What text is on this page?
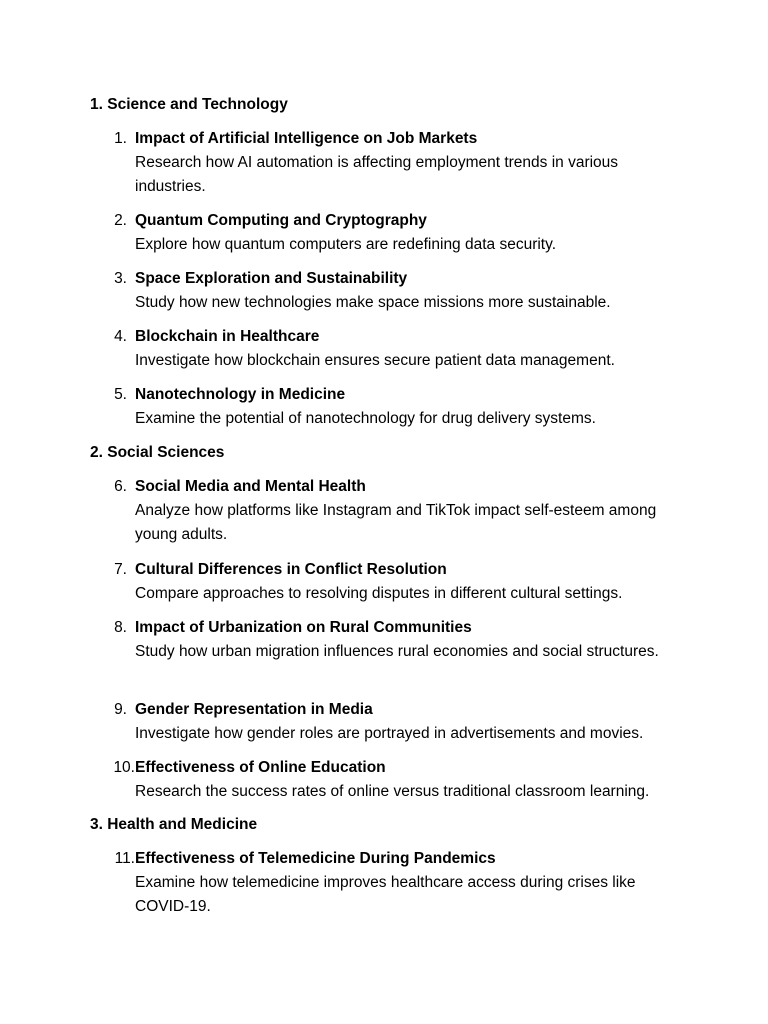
1. Science and Technology
1. Impact of Artificial Intelligence on Job Markets
Research how AI automation is affecting employment trends in various industries.
2. Quantum Computing and Cryptography
Explore how quantum computers are redefining data security.
3. Space Exploration and Sustainability
Study how new technologies make space missions more sustainable.
4. Blockchain in Healthcare
Investigate how blockchain ensures secure patient data management.
5. Nanotechnology in Medicine
Examine the potential of nanotechnology for drug delivery systems.
2. Social Sciences
6. Social Media and Mental Health
Analyze how platforms like Instagram and TikTok impact self-esteem among young adults.
7. Cultural Differences in Conflict Resolution
Compare approaches to resolving disputes in different cultural settings.
8. Impact of Urbanization on Rural Communities
Study how urban migration influences rural economies and social structures.
9. Gender Representation in Media
Investigate how gender roles are portrayed in advertisements and movies.
10. Effectiveness of Online Education
Research the success rates of online versus traditional classroom learning.
3. Health and Medicine
11. Effectiveness of Telemedicine During Pandemics
Examine how telemedicine improves healthcare access during crises like COVID-19.
